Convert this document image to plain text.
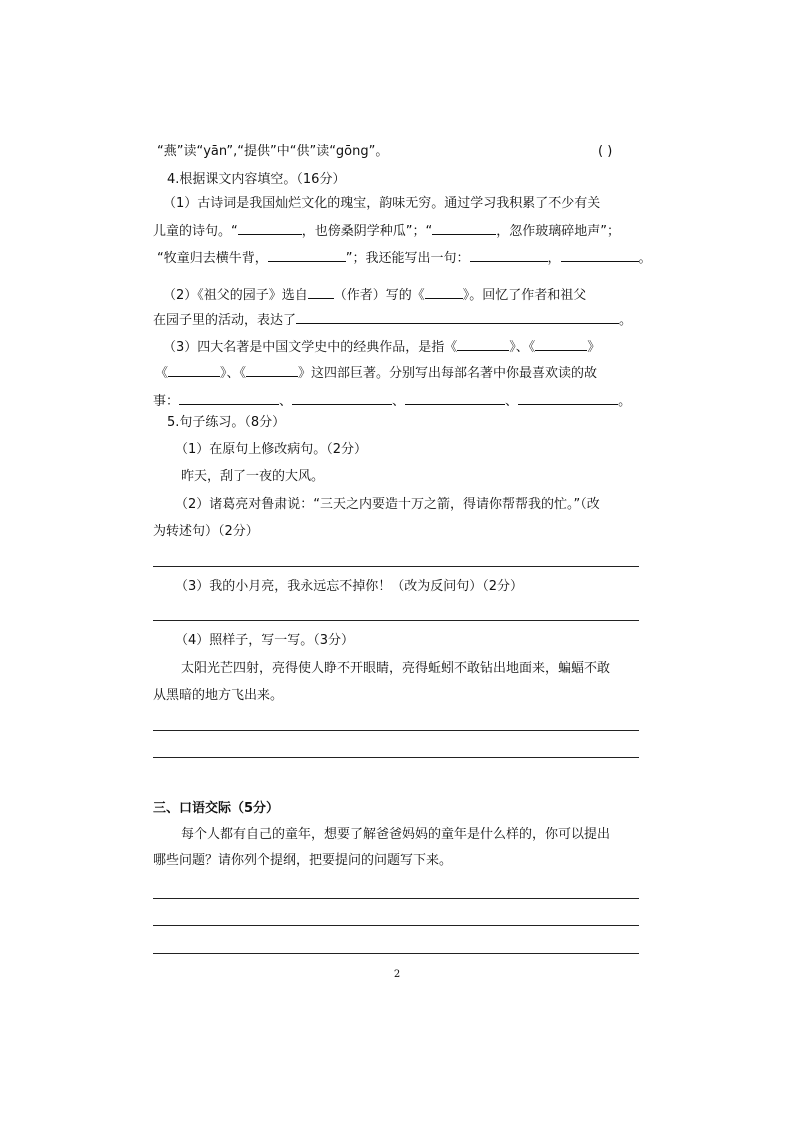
“燕”读“yān”,“提供”中“供”读“gōng”。	( )
4.根据课文内容填空。（16分）
（1）古诗词是我国灿烂文化的瑰宝，韵味无穷。通过学习我积累了不少有关
儿童的诗句。“	，也傍桑阴学种瓜”；“	，忽作玻璃碎地声”；
“牧童归去横牛背，	”；我还能写出一句：	，	。
（2）《祖父的园子》选自 （作者）写的《	》。回忆了作者和祖父
在园子里的活动，表达了	。
（3）四大名著是中国文学史中的经典作品，是指《	》、《	》
《	》、《	》这四部巨著。分别写出每部名著中你最喜欢读的故
事：	、	、	、	。
5.句子练习。（8分）
（1）在原句上修改病句。（2分）
昨天，刮了一夜的大风。
（2）诸葛亮对鲁肃说：“三天之内要造十万之箭，得请你帮帮我的忙。”（改
为转述句）（2分）
（3）我的小月亮，我永远忘不掉你！（改为反问句）（2分）
（4）照样子，写一写。（3分）
太阳光芒四射，亮得使人睁不开眼睛，亮得蚯蚓不敢钻出地面来，蝙蝠不敢
从黑暗的地方飞出来。
三、口语交际（5分）
每个人都有自己的童年，想要了解爸爸妈妈的童年是什么样的，你可以提出
哪些问题？请你列个提纲，把要提问的问题写下来。
2
